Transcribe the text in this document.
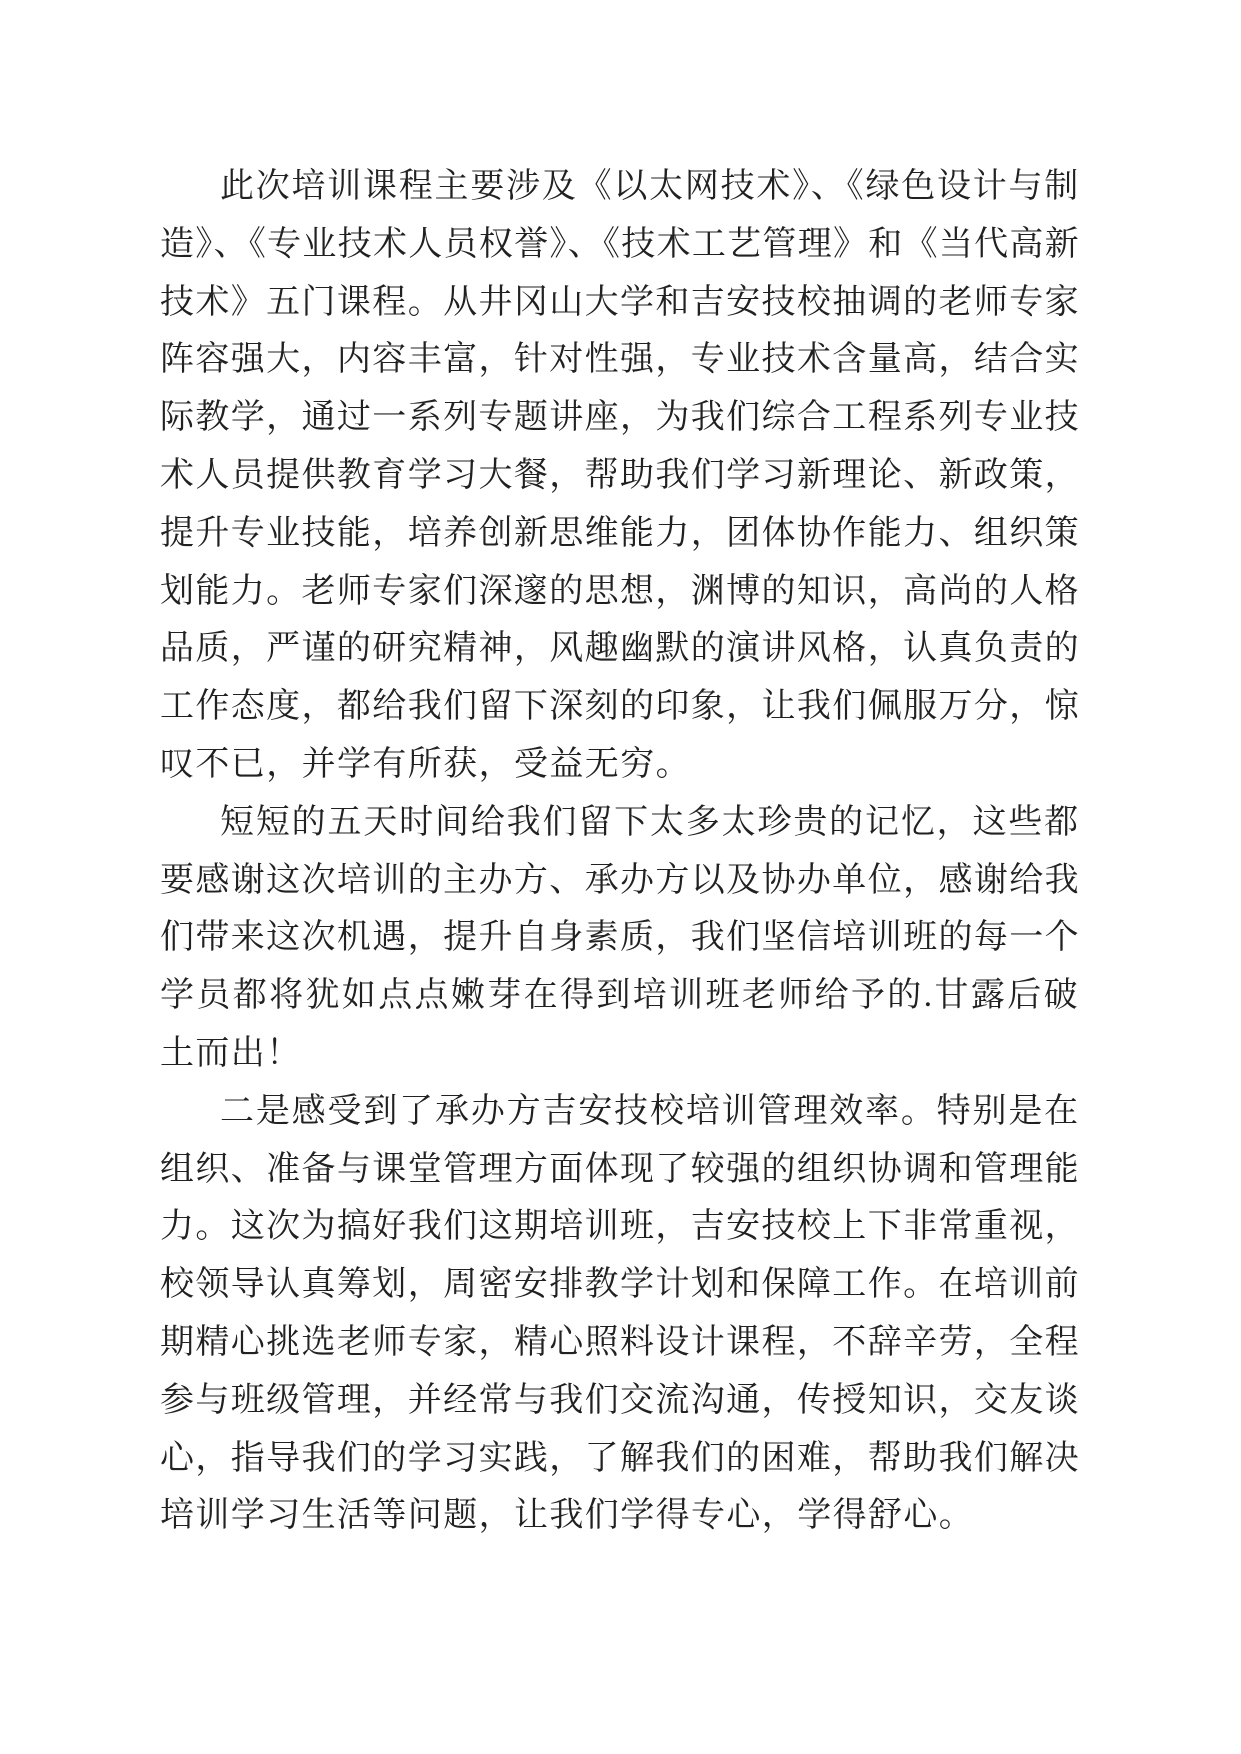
此次培训课程主要涉及《以太网技术》、《绿色设计与制
造》、《专业技术人员权誉》、《技术工艺管理》和《当代高新
技术》五门课程。从井冈山大学和吉安技校抽调的老师专家
阵容强大，内容丰富，针对性强，专业技术含量高，结合实
际教学，通过一系列专题讲座，为我们综合工程系列专业技
术人员提供教育学习大餐，帮助我们学习新理论、新政策，
提升专业技能，培养创新思维能力，团体协作能力、组织策
划能力。老师专家们深邃的思想，渊博的知识，高尚的人格
品质，严谨的研究精神，风趣幽默的演讲风格，认真负责的
工作态度，都给我们留下深刻的印象，让我们佩服万分，惊
叹不已，并学有所获，受益无穷。
短短的五天时间给我们留下太多太珍贵的记忆，这些都
要感谢这次培训的主办方、承办方以及协办单位，感谢给我
们带来这次机遇，提升自身素质，我们坚信培训班的每一个
学员都将犹如点点嫩芽在得到培训班老师给予的.甘露后破
土而出！
二是感受到了承办方吉安技校培训管理效率。特别是在
组织、准备与课堂管理方面体现了较强的组织协调和管理能
力。这次为搞好我们这期培训班，吉安技校上下非常重视，
校领导认真筹划，周密安排教学计划和保障工作。在培训前
期精心挑选老师专家，精心照料设计课程，不辞辛劳，全程
参与班级管理，并经常与我们交流沟通，传授知识，交友谈
心，指导我们的学习实践，了解我们的困难，帮助我们解决
培训学习生活等问题，让我们学得专心，学得舒心。
